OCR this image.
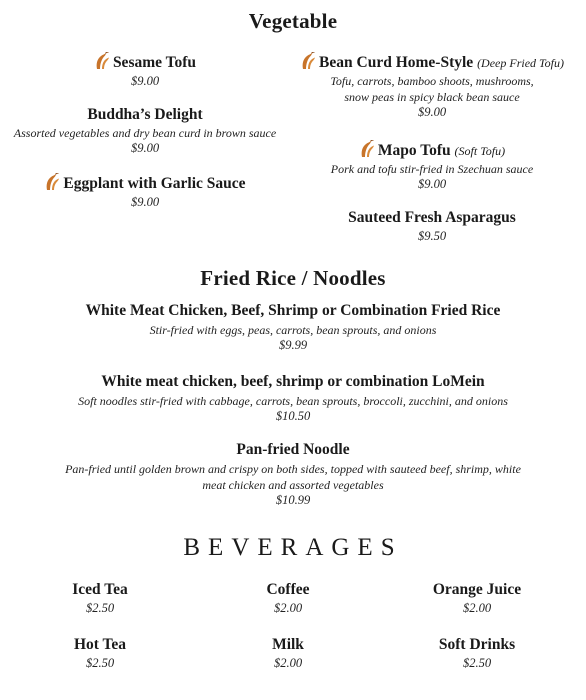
Vegetable
Sesame Tofu
$9.00
Buddha’s Delight
Assorted vegetables and dry bean curd in brown sauce
$9.00
Eggplant with Garlic Sauce
$9.00
Bean Curd Home-Style (Deep Fried Tofu)
Tofu, carrots, bamboo shoots, mushrooms,
snow peas in spicy black bean sauce
$9.00
Mapo Tofu (Soft Tofu)
Pork and tofu stir-fried in Szechuan sauce
$9.00
Sauteed Fresh Asparagus
$9.50
Fried Rice / Noodles
White Meat Chicken, Beef, Shrimp or Combination Fried Rice
Stir-fried with eggs, peas, carrots, bean sprouts, and onions
$9.99
White meat chicken, beef, shrimp or combination LoMein
Soft noodles stir-fried with cabbage, carrots, bean sprouts, broccoli, zucchini, and onions
$10.50
Pan-fried Noodle
Pan-fried until golden brown and crispy on both sides, topped with sauteed beef, shrimp, white
meat chicken and assorted vegetables
$10.99
BEVERAGES
Iced Tea
$2.50
Coffee
$2.00
Orange Juice
$2.00
Hot Tea
$2.50
Milk
$2.00
Soft Drinks
$2.50
